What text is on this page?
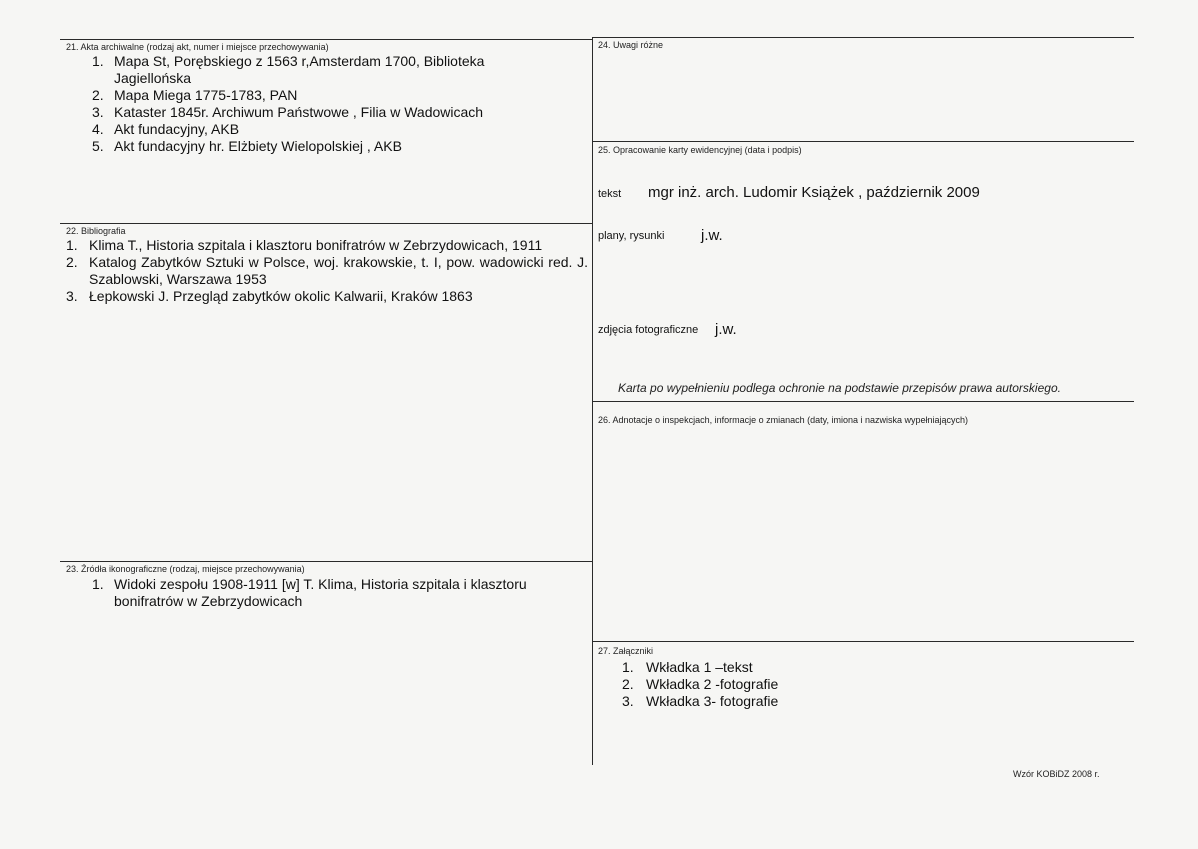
21. Akta archiwalne (rodzaj akt, numer i miejsce przechowywania)
1. Mapa St, Porębskiego z 1563 r,Amsterdam 1700, Biblioteka Jagiellońska
2. Mapa Miega 1775-1783, PAN
3. Kataster 1845r. Archiwum Państwowe , Filia w Wadowicach
4. Akt fundacyjny, AKB
5. Akt fundacyjny hr. Elżbiety Wielopolskiej , AKB
22. Bibliografia
1. Klima T., Historia szpitala i klasztoru bonifratrów w Zebrzydowicach, 1911
2. Katalog Zabytków Sztuki w Polsce, woj. krakowskie, t. I, pow. wadowicki red. J. Szablowski, Warszawa 1953
3. Łepkowski J. Przegląd zabytków okolic Kalwarii, Kraków 1863
23. Źródła ikonograficzne (rodzaj, miejsce przechowywania)
1. Widoki zespołu 1908-1911 [w] T. Klima, Historia szpitala i klasztoru bonifratrów w Zebrzydowicach
24. Uwagi różne
25. Opracowanie karty ewidencyjnej (data i podpis)
tekst mgr inż. arch. Ludomir Książek , październik 2009
plany, rysunki j.w.
zdjęcia fotograficzne j.w.
Karta po wypełnieniu podlega ochronie na podstawie przepisów prawa autorskiego.
26. Adnotacje o inspekcjach, informacje o zmianach (daty, imiona i nazwiska wypełniających)
27. Załączniki
1. Wkładka 1 –tekst
2. Wkładka 2 -fotografie
3. Wkładka 3- fotografie
Wzór KOBiDZ 2008 r.
